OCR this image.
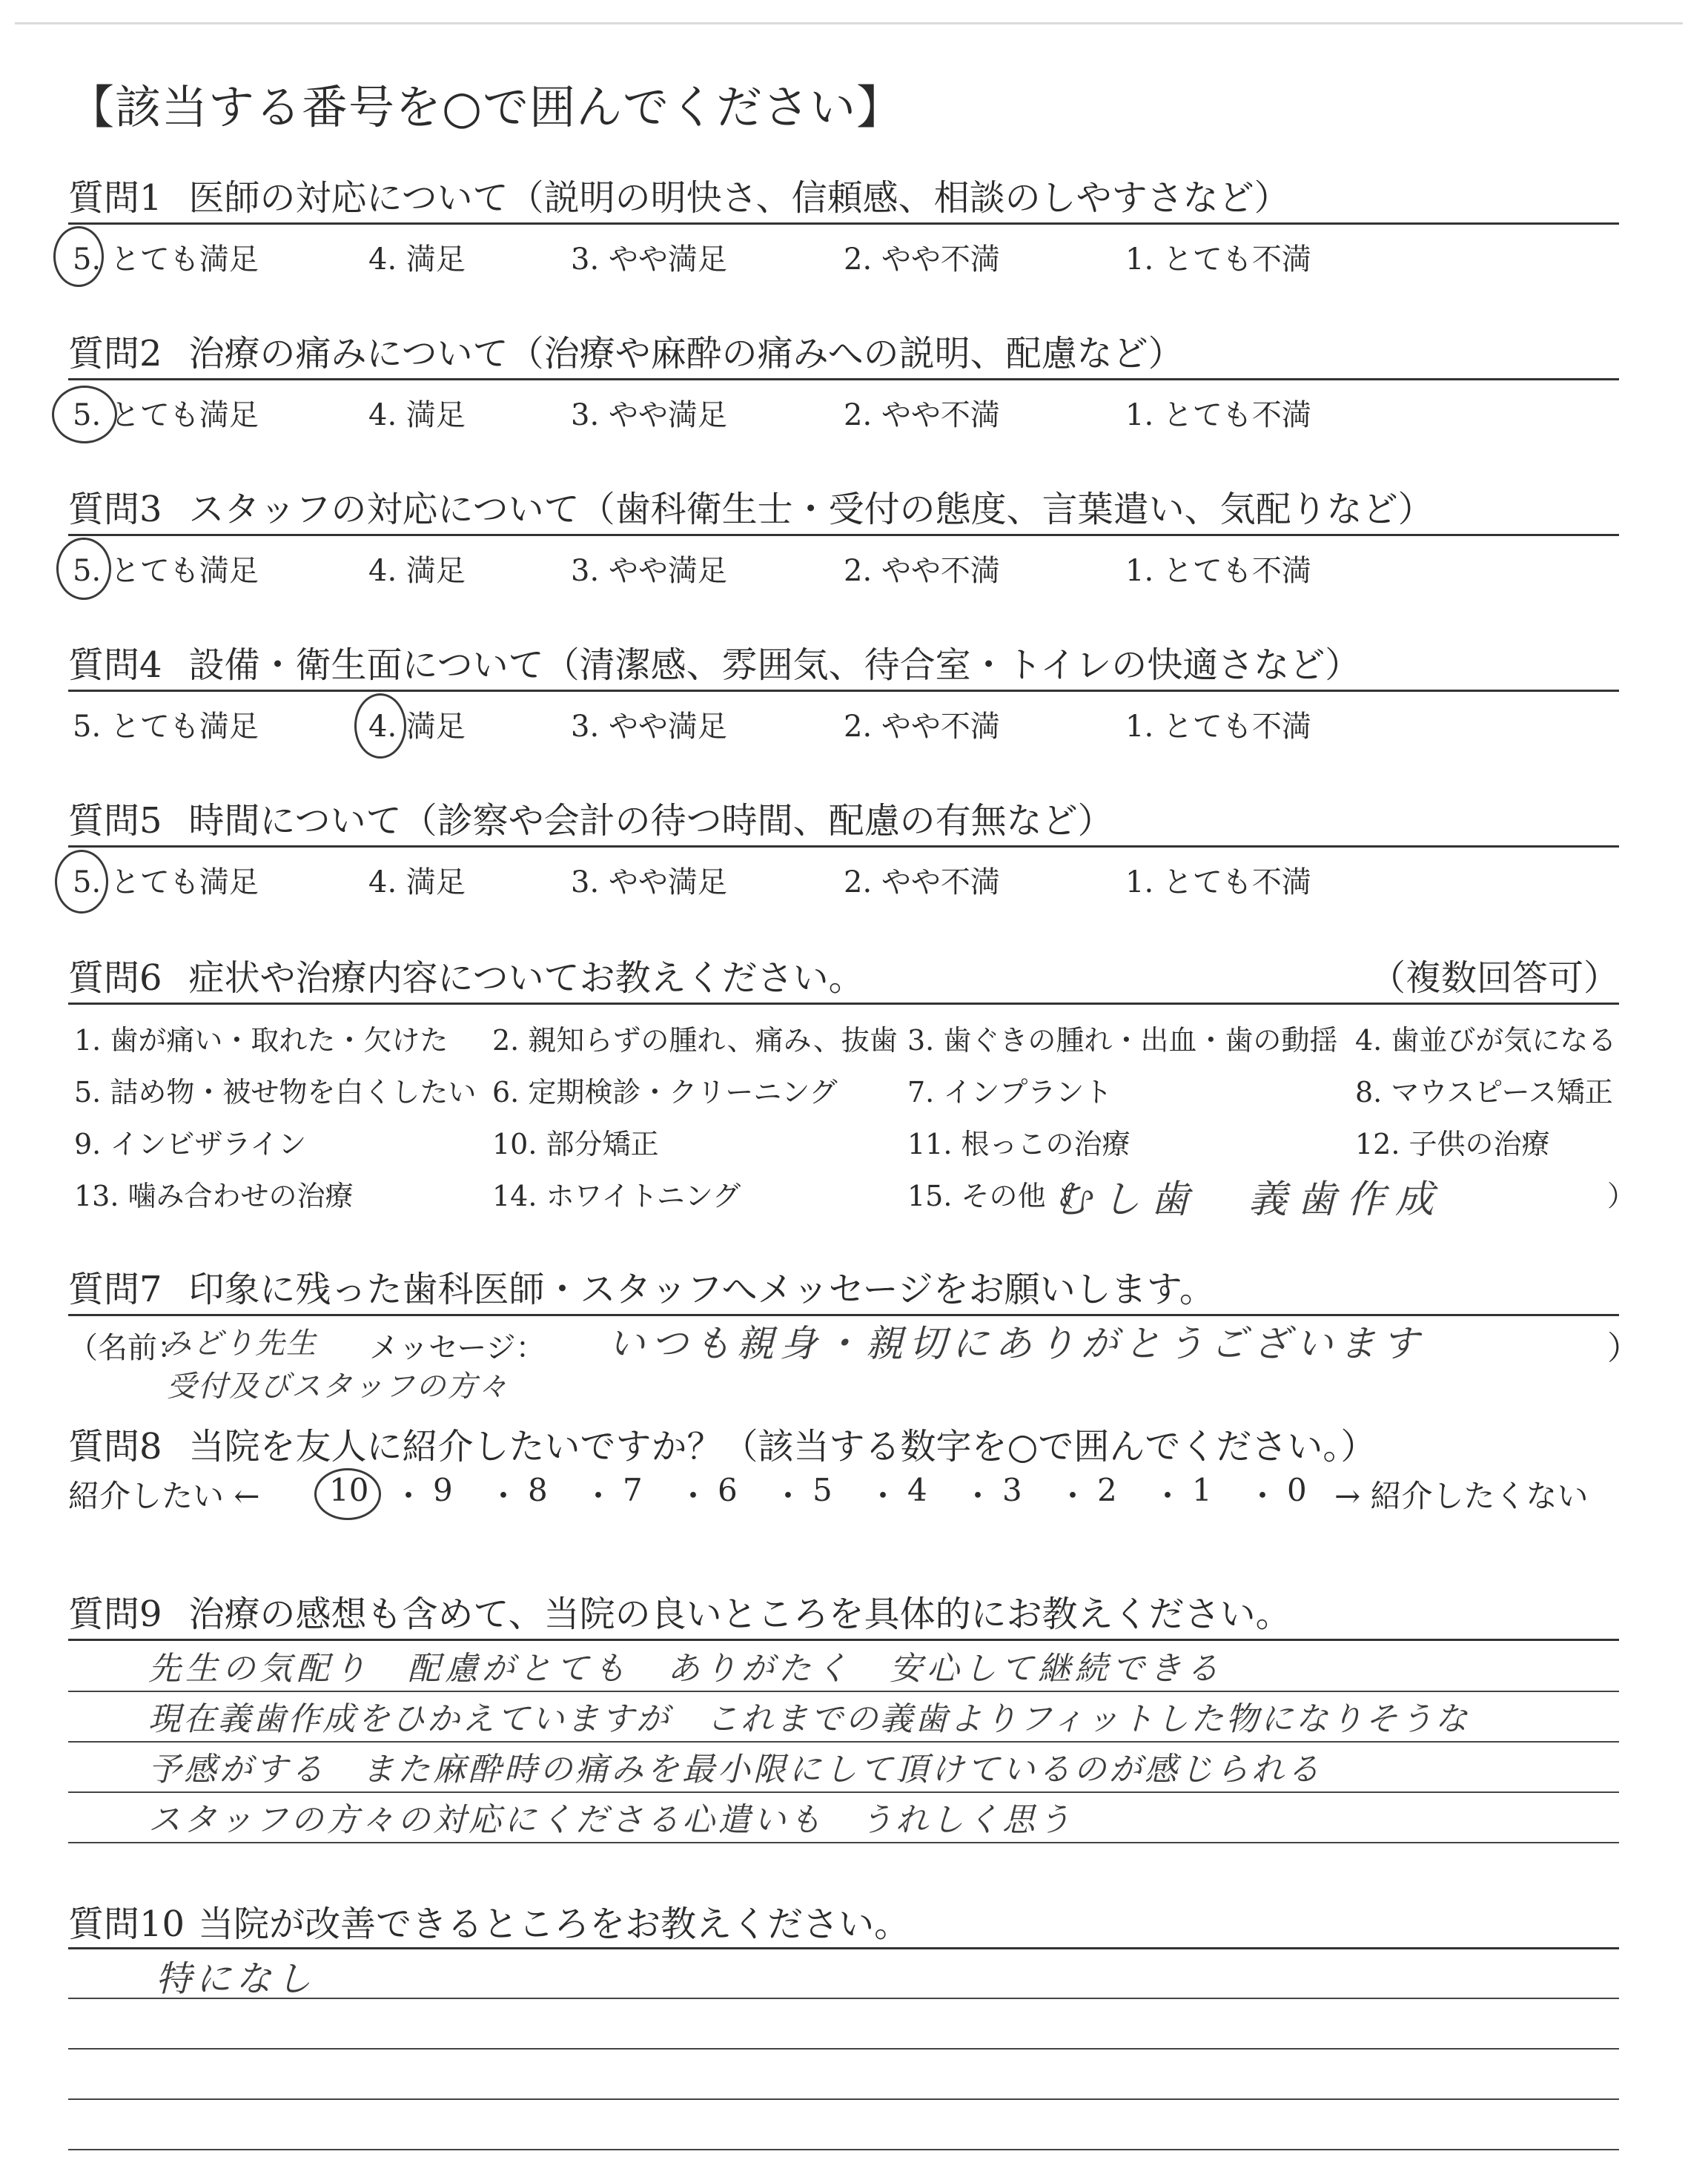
【該当する番号を○で囲んでください】
質問1 医師の対応について（説明の明快さ、信頼感、相談のしやすさなど）
5. とても満足	4. 満足	3. やや満足	2. やや不満	1. とても不満
質問2 治療の痛みについて（治療や麻酔の痛みへの説明、配慮など）
5. とても満足	4. 満足	3. やや満足	2. やや不満	1. とても不満
質問3 スタッフの対応について（歯科衛生士・受付の態度、言葉遣い、気配りなど）
5. とても満足	4. 満足	3. やや満足	2. やや不満	1. とても不満
質問4 設備・衛生面について（清潔感、雰囲気、待合室・トイレの快適さなど）
5. とても満足	4. 満足	3. やや満足	2. やや不満	1. とても不満
質問5 時間について（診察や会計の待つ時間、配慮の有無など）
5. とても満足	4. 満足	3. やや満足	2. やや不満	1. とても不満
質問6 症状や治療内容についてお教えください。	（複数回答可）
1. 歯が痛い・取れた・欠けた 2. 親知らずの腫れ、痛み、抜歯 3. 歯ぐきの腫れ・出血・歯の動揺 4. 歯並びが気になる
5. 詰め物・被せ物を白くしたい 6. 定期検診・クリーニング 7. インプラント	8. マウスピース矯正
9. インビザライン	10. 部分矯正	11. 根っこの治療	12. 子供の治療
13. 噛み合わせの治療	14. ホワイトニング	15. その他（	）
むし歯　義歯作成
質問7 印象に残った歯科医師・スタッフへメッセージをお願いします。
（名前：
みどり先生 メッセージ： いつも親身・親切にありがとうございます	）
受付及びスタッフの方々
質問8 当院を友人に紹介したいですか？（該当する数字を○で囲んでください。）
紹介したい ← 10 ・ 9 ・ 8 ・ 7 ・ 6 ・ 5 ・ 4 ・ 3 ・ 2 ・ 1 ・ 0 → 紹介したくない
質問9 治療の感想も含めて、当院の良いところを具体的にお教えください。
先生の気配り　配慮がとても　ありがたく　安心して継続できる
現在義歯作成をひかえていますが　これまでの義歯よりフィットした物になりそうな
予感がする　また麻酔時の痛みを最小限にして頂けているのが感じられる
スタッフの方々の対応にくださる心遣いも　うれしく思う
質問10 当院が改善できるところをお教えください。
特になし
